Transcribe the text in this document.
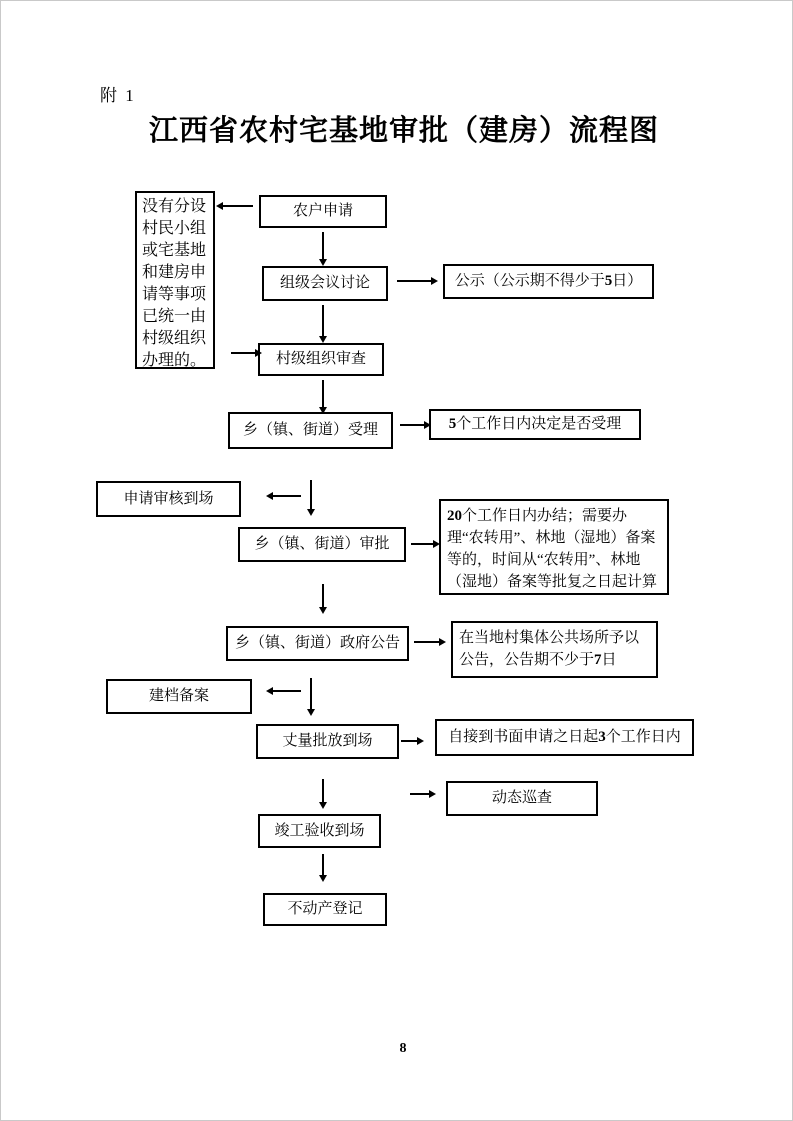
附 1
江西省农村宅基地审批（建房）流程图
没有分设村民小组或宅基地和建房申请等事项已统一由村级组织办理的。
农户申请
组级会议讨论	公示（公示期不得少于 5 日）
村级组织审查
乡（镇、街道）受理	5 个工作日内决定是否受理
申请审核到场
乡（镇、街道）审批
20个工作日内办结；需要办理“农转用”、林地（湿地）备案等的，时间从“农转用”、林地（湿地）备案等批复之日起计算
乡（镇、街道）政府公告	在当地村集体公共场所予以公告，公告期不少于7日
建档备案
丈量批放到场	自接到书面申请之日起 3 个工作日内
动态巡查
竣工验收到场
不动产登记
8
